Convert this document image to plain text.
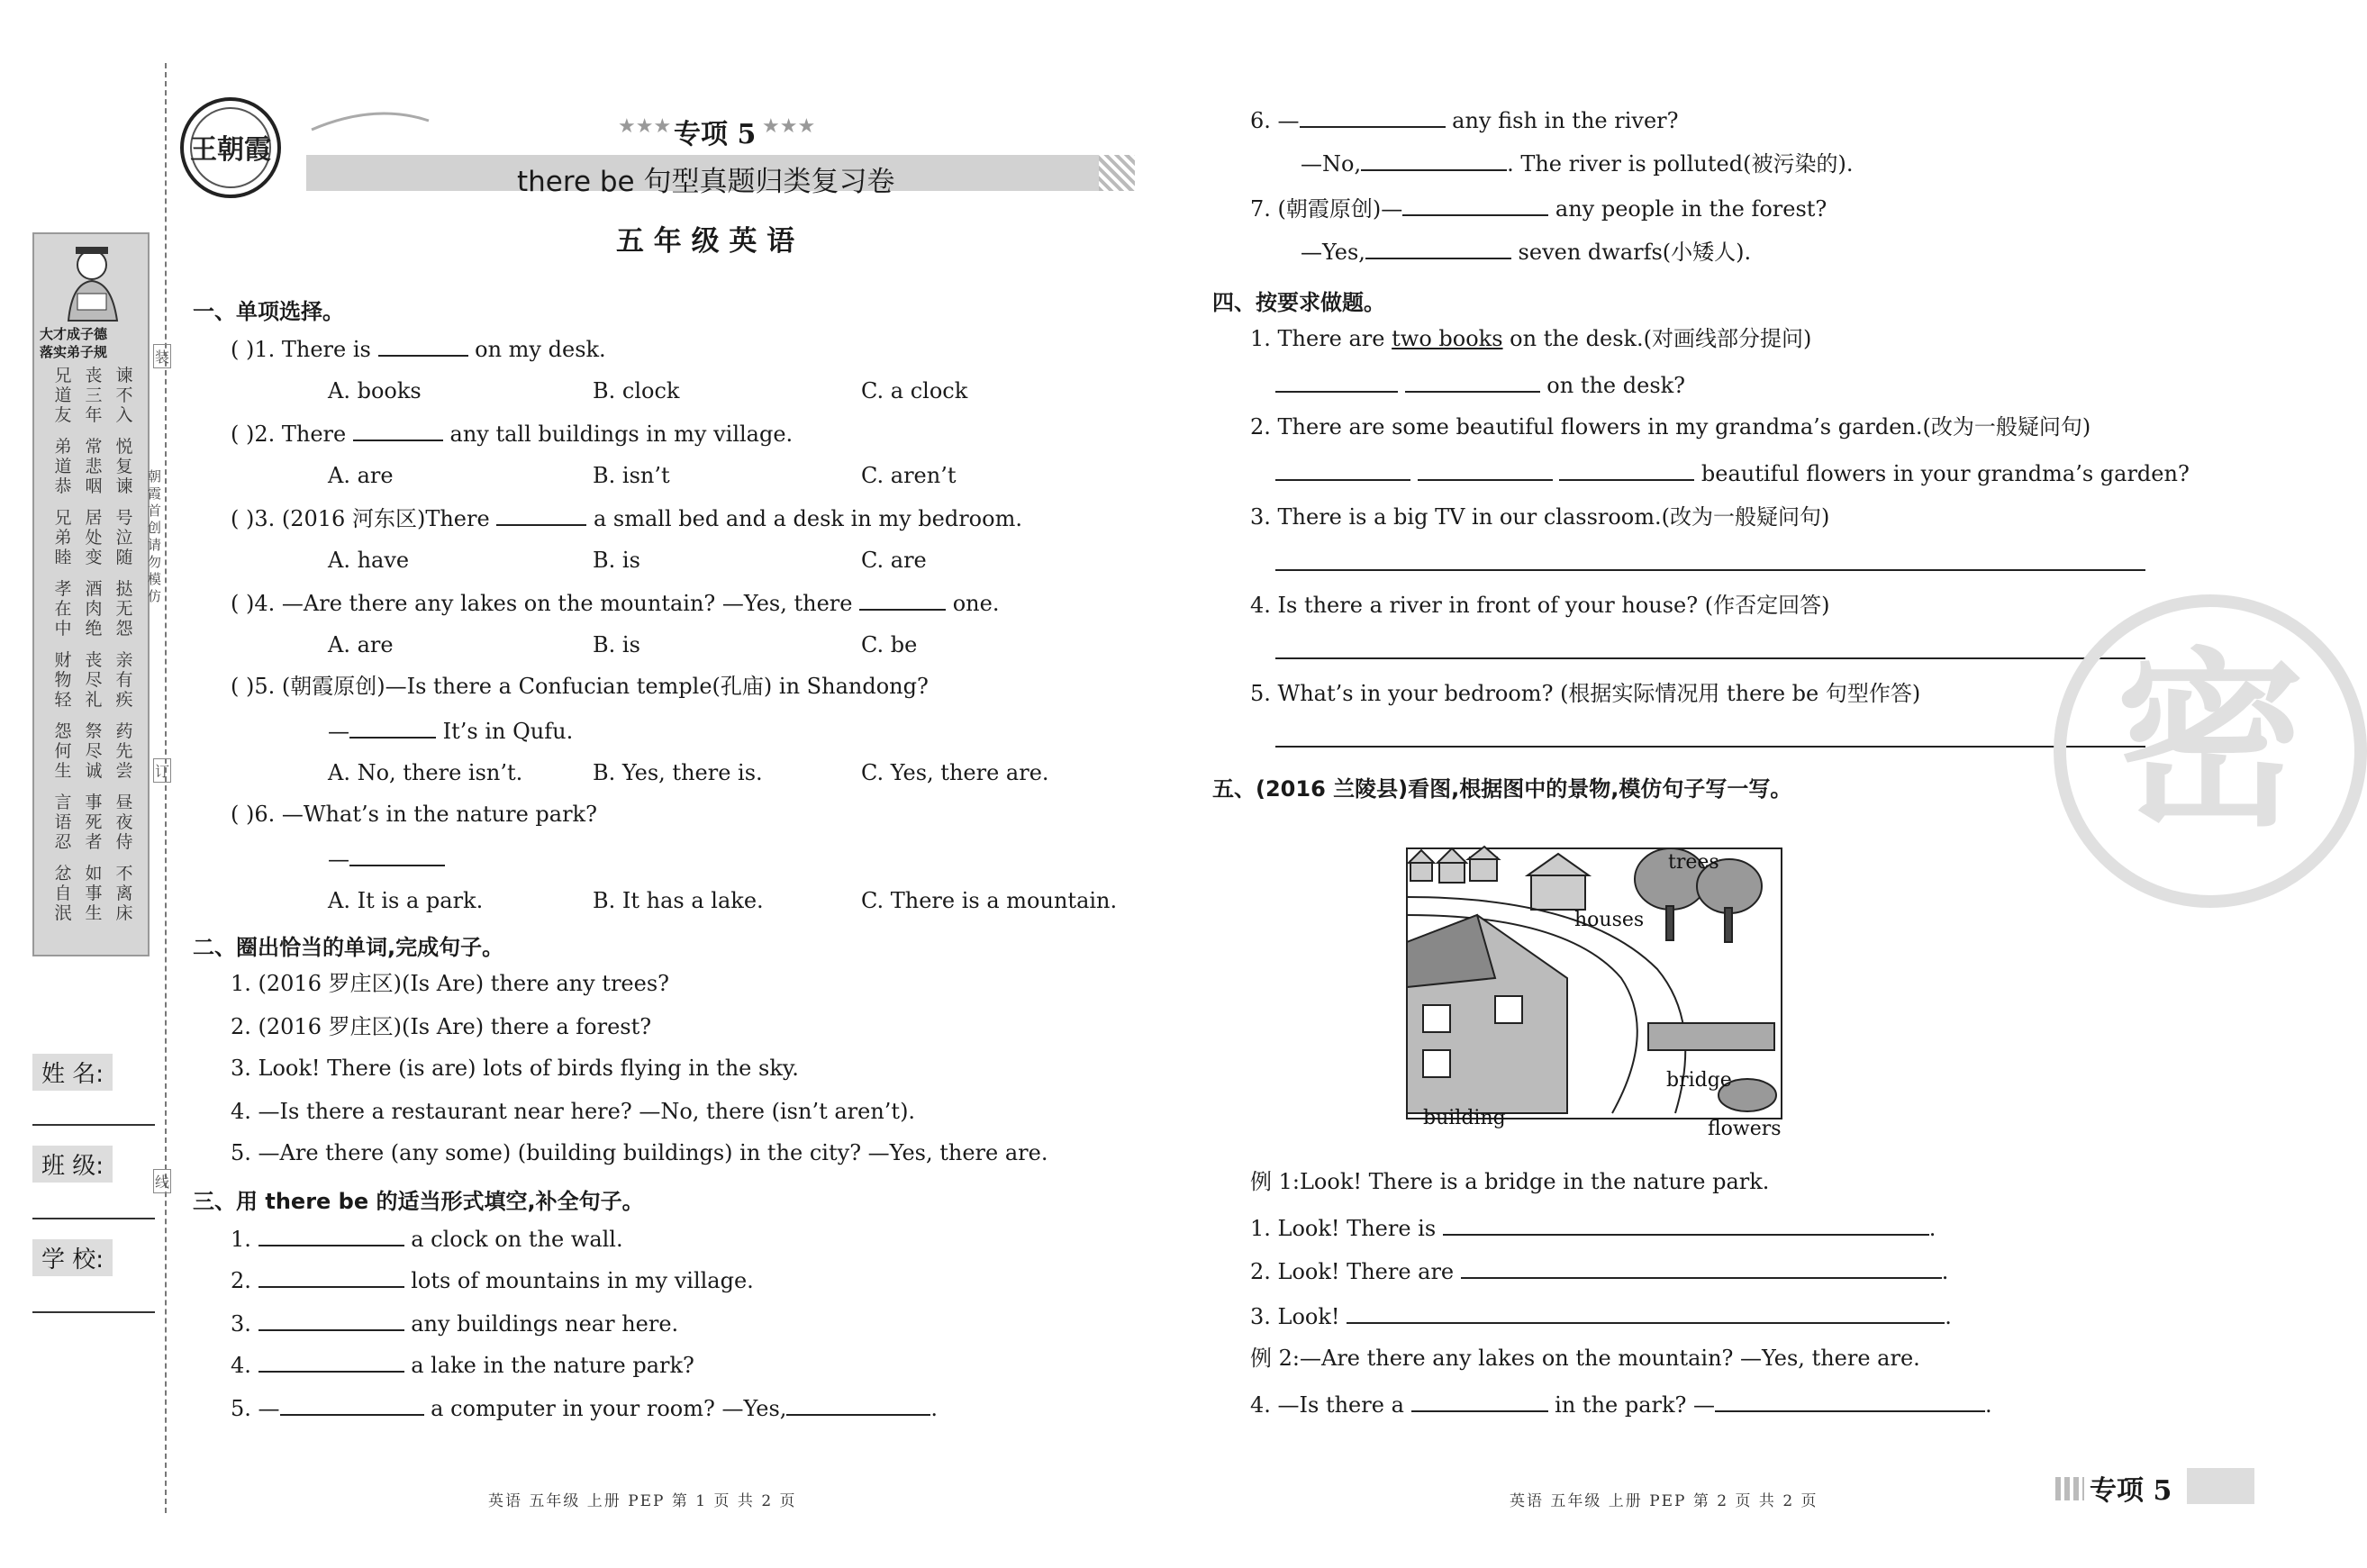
大才成子德
落实弟子规
兄
道
友
丧
三
年
谏
不
入
弟
道
恭
常
悲
咽
悦
复
谏
兄
弟
睦
居
处
变
号
泣
随
孝
在
中
酒
肉
绝
挞
无
怨
财
物
轻
丧
尽
礼
亲
有
疾
怨
何
生
祭
尽
诚
药
先
尝
言
语
忍
事
死
者
昼
夜
侍
忿
自
泯
如
事
生
不
离
床
装
订
线
朝霞首创 请勿模仿
姓 名:
班 级:
学 校:
王朝霞
★★★ 专项 5 ★★★
there be 句型真题归类复习卷
五 年 级 英 语
一、单项选择。
( )1. There is	on my desk.
A. books	B. clock	C. a clock
( )2. There	any tall buildings in my village.
A. are	B. isn’t	C. aren’t
( )3. (2016 河东区)There	a small bed and a desk in my bedroom.
A. have	B. is	C. are
( )4. —Are there any lakes on the mountain? —Yes, there	one.
A. are	B. is	C. be
( )5. (朝霞原创)—Is there a Confucian temple(孔庙) in Shandong?
—	It’s in Qufu.
A. No, there isn’t.	B. Yes, there is.	C. Yes, there are.
( )6. —What’s in the nature park?
—
A. It is a park.	B. It has a lake.	C. There is a mountain.
二、圈出恰当的单词,完成句子。
1. (2016 罗庄区)(Is Are) there any trees?
2. (2016 罗庄区)(Is Are) there a forest?
3. Look! There (is are) lots of birds flying in the sky.
4. —Is there a restaurant near here? —No, there (isn’t aren’t).
5. —Are there (any some) (building buildings) in the city? —Yes, there are.
三、用 there be 的适当形式填空,补全句子。
1.	a clock on the wall.
2.	lots of mountains in my village.
3.	any buildings near here.
4.	a lake in the nature park?
5. —	a computer in your room? —Yes,	.
6. —	any fish in the river?
—No,	. The river is polluted(被污染的).
7. (朝霞原创)—	any people in the forest?
—Yes,	seven dwarfs(小矮人).
四、按要求做题。
1. There are two books on the desk.(对画线部分提问)
on the desk?
2. There are some beautiful flowers in my grandma’s garden.(改为一般疑问句)
beautiful flowers in your grandma’s garden?
3. There is a big TV in our classroom.(改为一般疑问句)
4. Is there a river in front of your house? (作否定回答)
5. What’s in your bedroom? (根据实际情况用 there be 句型作答)
五、(2016 兰陵县)看图,根据图中的景物,模仿句子写一写。
trees
houses
bridge
building	flowers
例 1:Look! There is a bridge in the nature park.
1. Look! There is	.
2. Look! There are	.
3. Look!	.
例 2:—Are there any lakes on the mountain? —Yes, there are.
4. —Is there a	in the park? —	.
密
英语 五年级 上册 PEP 第 1 页 共 2 页	英语 五年级 上册 PEP 第 2 页 共 2 页	专项 5
